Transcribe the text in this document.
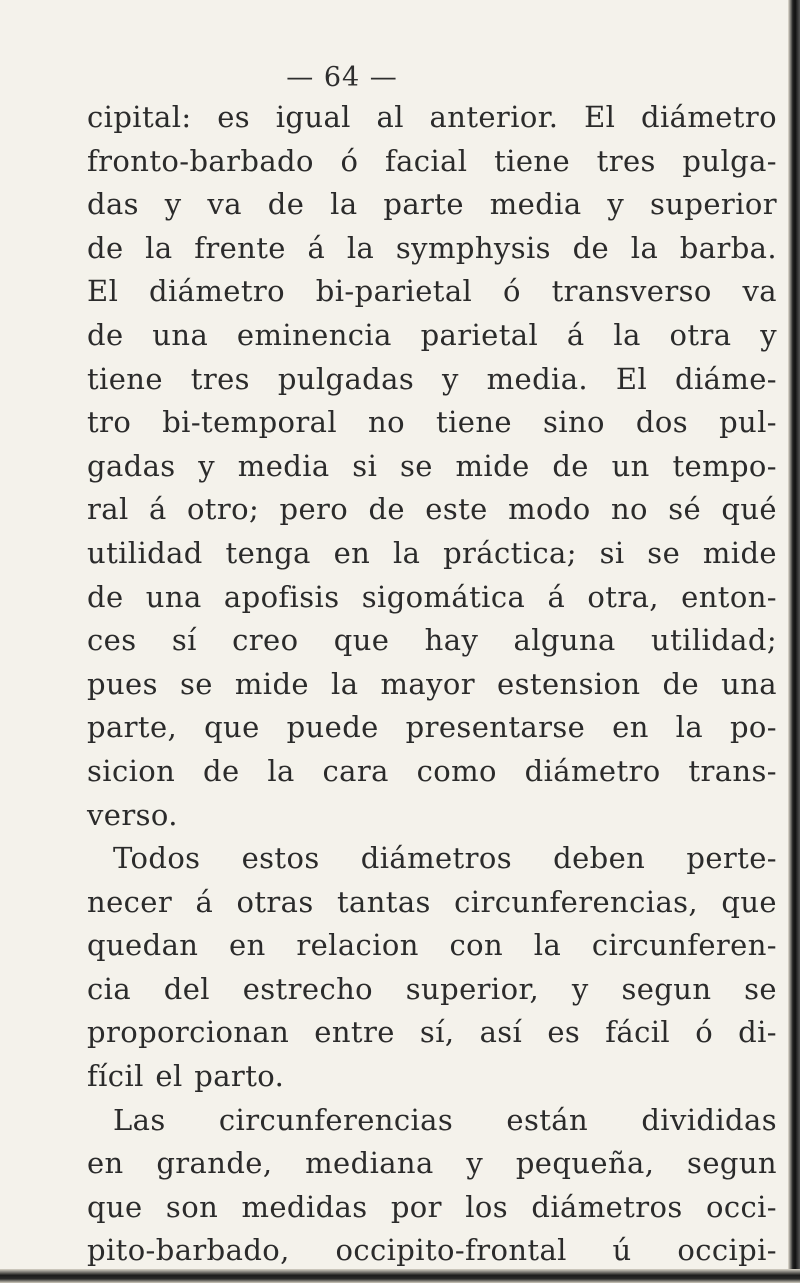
— 64 —
cipital: es igual al anterior. El diámetro
fronto-barbado ó facial tiene tres pulga-
das y va de la parte media y superior
de la frente á la symphysis de la barba.
El diámetro bi-parietal ó transverso va
de una eminencia parietal á la otra y
tiene tres pulgadas y media. El diáme-
tro bi-temporal no tiene sino dos pul-
gadas y media si se mide de un tempo-
ral á otro; pero de este modo no sé qué
utilidad tenga en la práctica; si se mide
de una apofisis sigomática á otra, enton-
ces sí creo que hay alguna utilidad;
pues se mide la mayor estension de una
parte, que puede presentarse en la po-
sicion de la cara como diámetro trans-
verso.
Todos estos diámetros deben perte-
necer á otras tantas circunferencias, que
quedan en relacion con la circunferen-
cia del estrecho superior, y segun se
proporcionan entre sí, así es fácil ó di-
fícil el parto.
Las circunferencias están divididas
en grande, mediana y pequeña, segun
que son medidas por los diámetros occi-
pito-barbado, occipito-frontal ú occipi-
